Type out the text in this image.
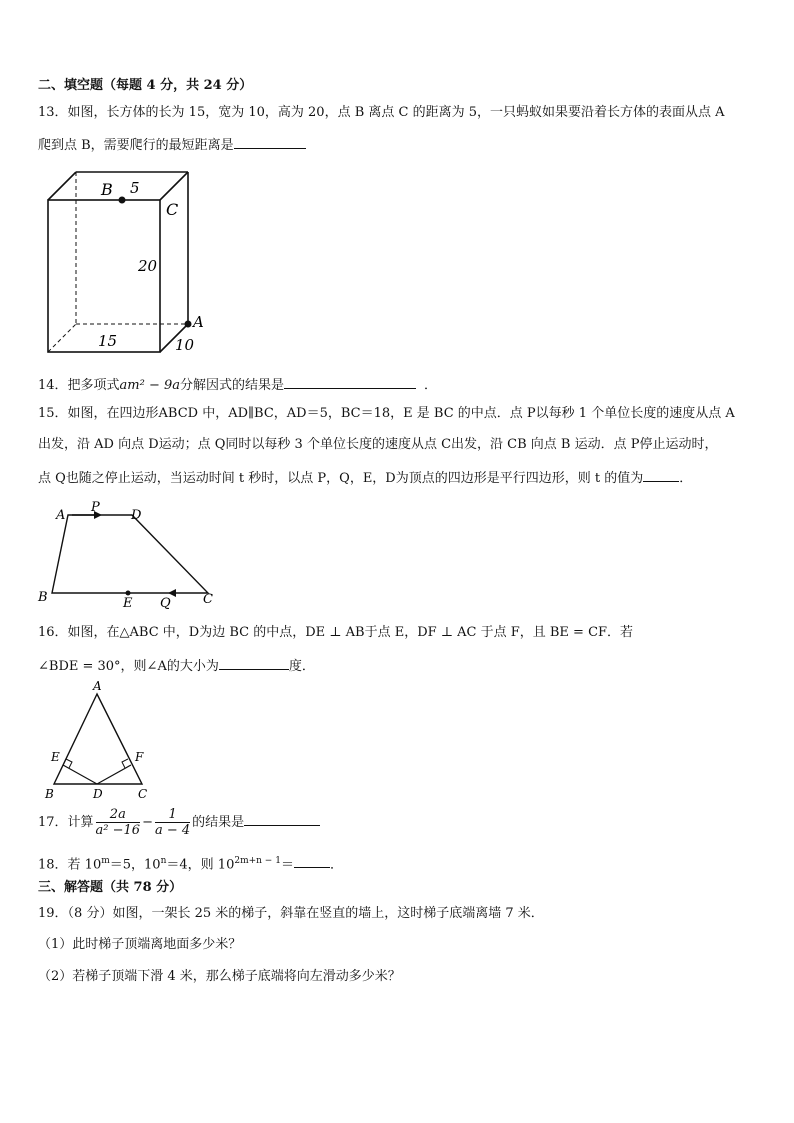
二、填空题（每题 4 分，共 24 分）
13．如图，长方体的长为 15，宽为 10，高为 20，点 B 离点 C 的距离为 5，一只蚂蚁如果要沿着长方体的表面从点 A
爬到点 B，需要爬行的最短距离是
B 5
C
20
A
15	10
14．把多项式am² − 9a分解因式的结果是	．
15．如图，在四边形ABCD 中，AD∥BC，AD＝5，BC＝18，E 是 BC 的中点．点 P以每秒 1 个单位长度的速度从点 A
出发，沿 AD 向点 D运动；点 Q同时以每秒 3 个单位长度的速度从点 C出发，沿 CB 向点 B 运动．点 P停止运动时，
点 Q也随之停止运动，当运动时间 t 秒时，以点 P，Q，E，D为顶点的四边形是平行四边形，则 t 的值为	．
A
P
D
B	E Q C
16．如图，在△ABC 中，D为边 BC 的中点，DE ⊥ AB于点 E，DF ⊥ AC 于点 F，且 BE = CF．若
∠BDE = 30°，则∠A的大小为	度．
A
E	F
B	D	C
17．计算 $\frac{2a}{\text{a² −16}} - \frac{1}{a - 4}$ 的结果是
18．若 $10^m=5$，$10^n=4$，则 $10^{2m+n - 1}=$	．
三、解答题（共 78 分）
19．（8 分）如图，一架长 25 米的梯子，斜靠在竖直的墙上，这时梯子底端离墙 7 米．
（1）此时梯子顶端离地面多少米？
（2）若梯子顶端下滑 4 米，那么梯子底端将向左滑动多少米？
